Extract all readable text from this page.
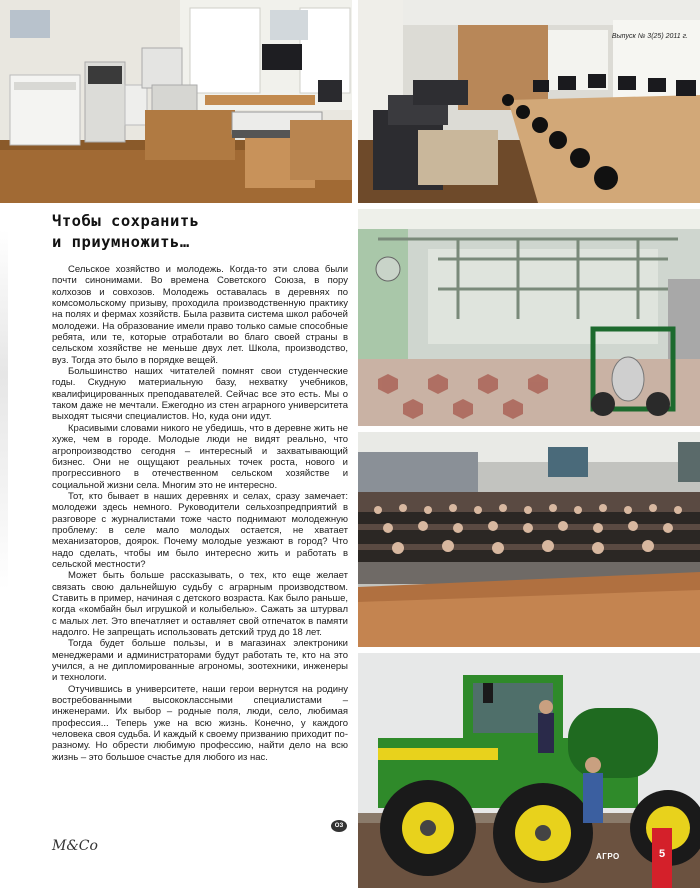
Выпуск № 3(25) 2011 г.
Чтобы сохранить
и приумножить…

Сельское хозяйство и молодежь. Когда-то эти слова были почти синонимами. Во времена Советского Союза, в пору колхозов и совхозов. Молодежь оставалась в деревнях по комсомольскому призыву, проходила производственную практику на полях и фермах хозяйств. Была развита система школ рабочей молодежи. На образование имели право только самые способные ребята, или те, которые отработали во благо своей страны в сельском хозяйстве не меньше двух лет. Школа, производство, вуз. Тогда это было в порядке вещей.

Большинство наших читателей помнят свои студенческие годы. Скудную материальную базу, нехватку учебников, квалифицированных преподавателей. Сейчас все это есть. Мы о таком даже не мечтали. Ежегодно из стен аграрного университета выходят тысячи специалистов. Но, куда они идут.

Красивыми словами никого не убедишь, что в деревне жить не хуже, чем в городе. Молодые люди не видят реально, что агропроизводство сегодня – интересный и захватывающий бизнес. Они не ощущают реальных точек роста, нового и прогрессивного в отечественном сельском хозяйстве и социальной жизни села. Многим это не интересно.

Тот, кто бывает в наших деревнях и селах, сразу замечает: молодежи здесь немного. Руководители сельхозпредприятий в разговоре с журналистами тоже часто поднимают молодежную проблему: в селе мало молодых остается, не хватает механизаторов, доярок. Почему молодые уезжают в город? Что надо сделать, чтобы им было интересно жить и работать в сельской местности?

Может быть больше рассказывать, о тех, кто еще желает связать свою дальнейшую судьбу с аграрным производством. Ставить в пример, начиная с детского возраста. Как было раньше, когда «комбайн был игрушкой и колыбелью». Сажать за штурвал с малых лет. Это впечатляет и оставляет свой отпечаток в памяти надолго. Не запрещать использовать детский труд до 18 лет.

Тогда будет больше пользы, и в магазинах электроники менеджерами и администраторами будут работать те, кто на это учился, а не дипломированные агрономы, зоотехники, инженеры и технологи.

Отучившись в университете, наши герои вернутся на родину востребованными высококлассными специалистами – инженерами. Их выбор – родные поля, люди, село, любимая профессия... Теперь уже на всю жизнь. Конечно, у каждого человека своя судьба. И каждый к своему призванию приходит по-разному. Но обрести любимую профессию, найти дело на всю жизнь – это большое счастье для любого из нас.

ОЗ
M&Co
АГРО	5
